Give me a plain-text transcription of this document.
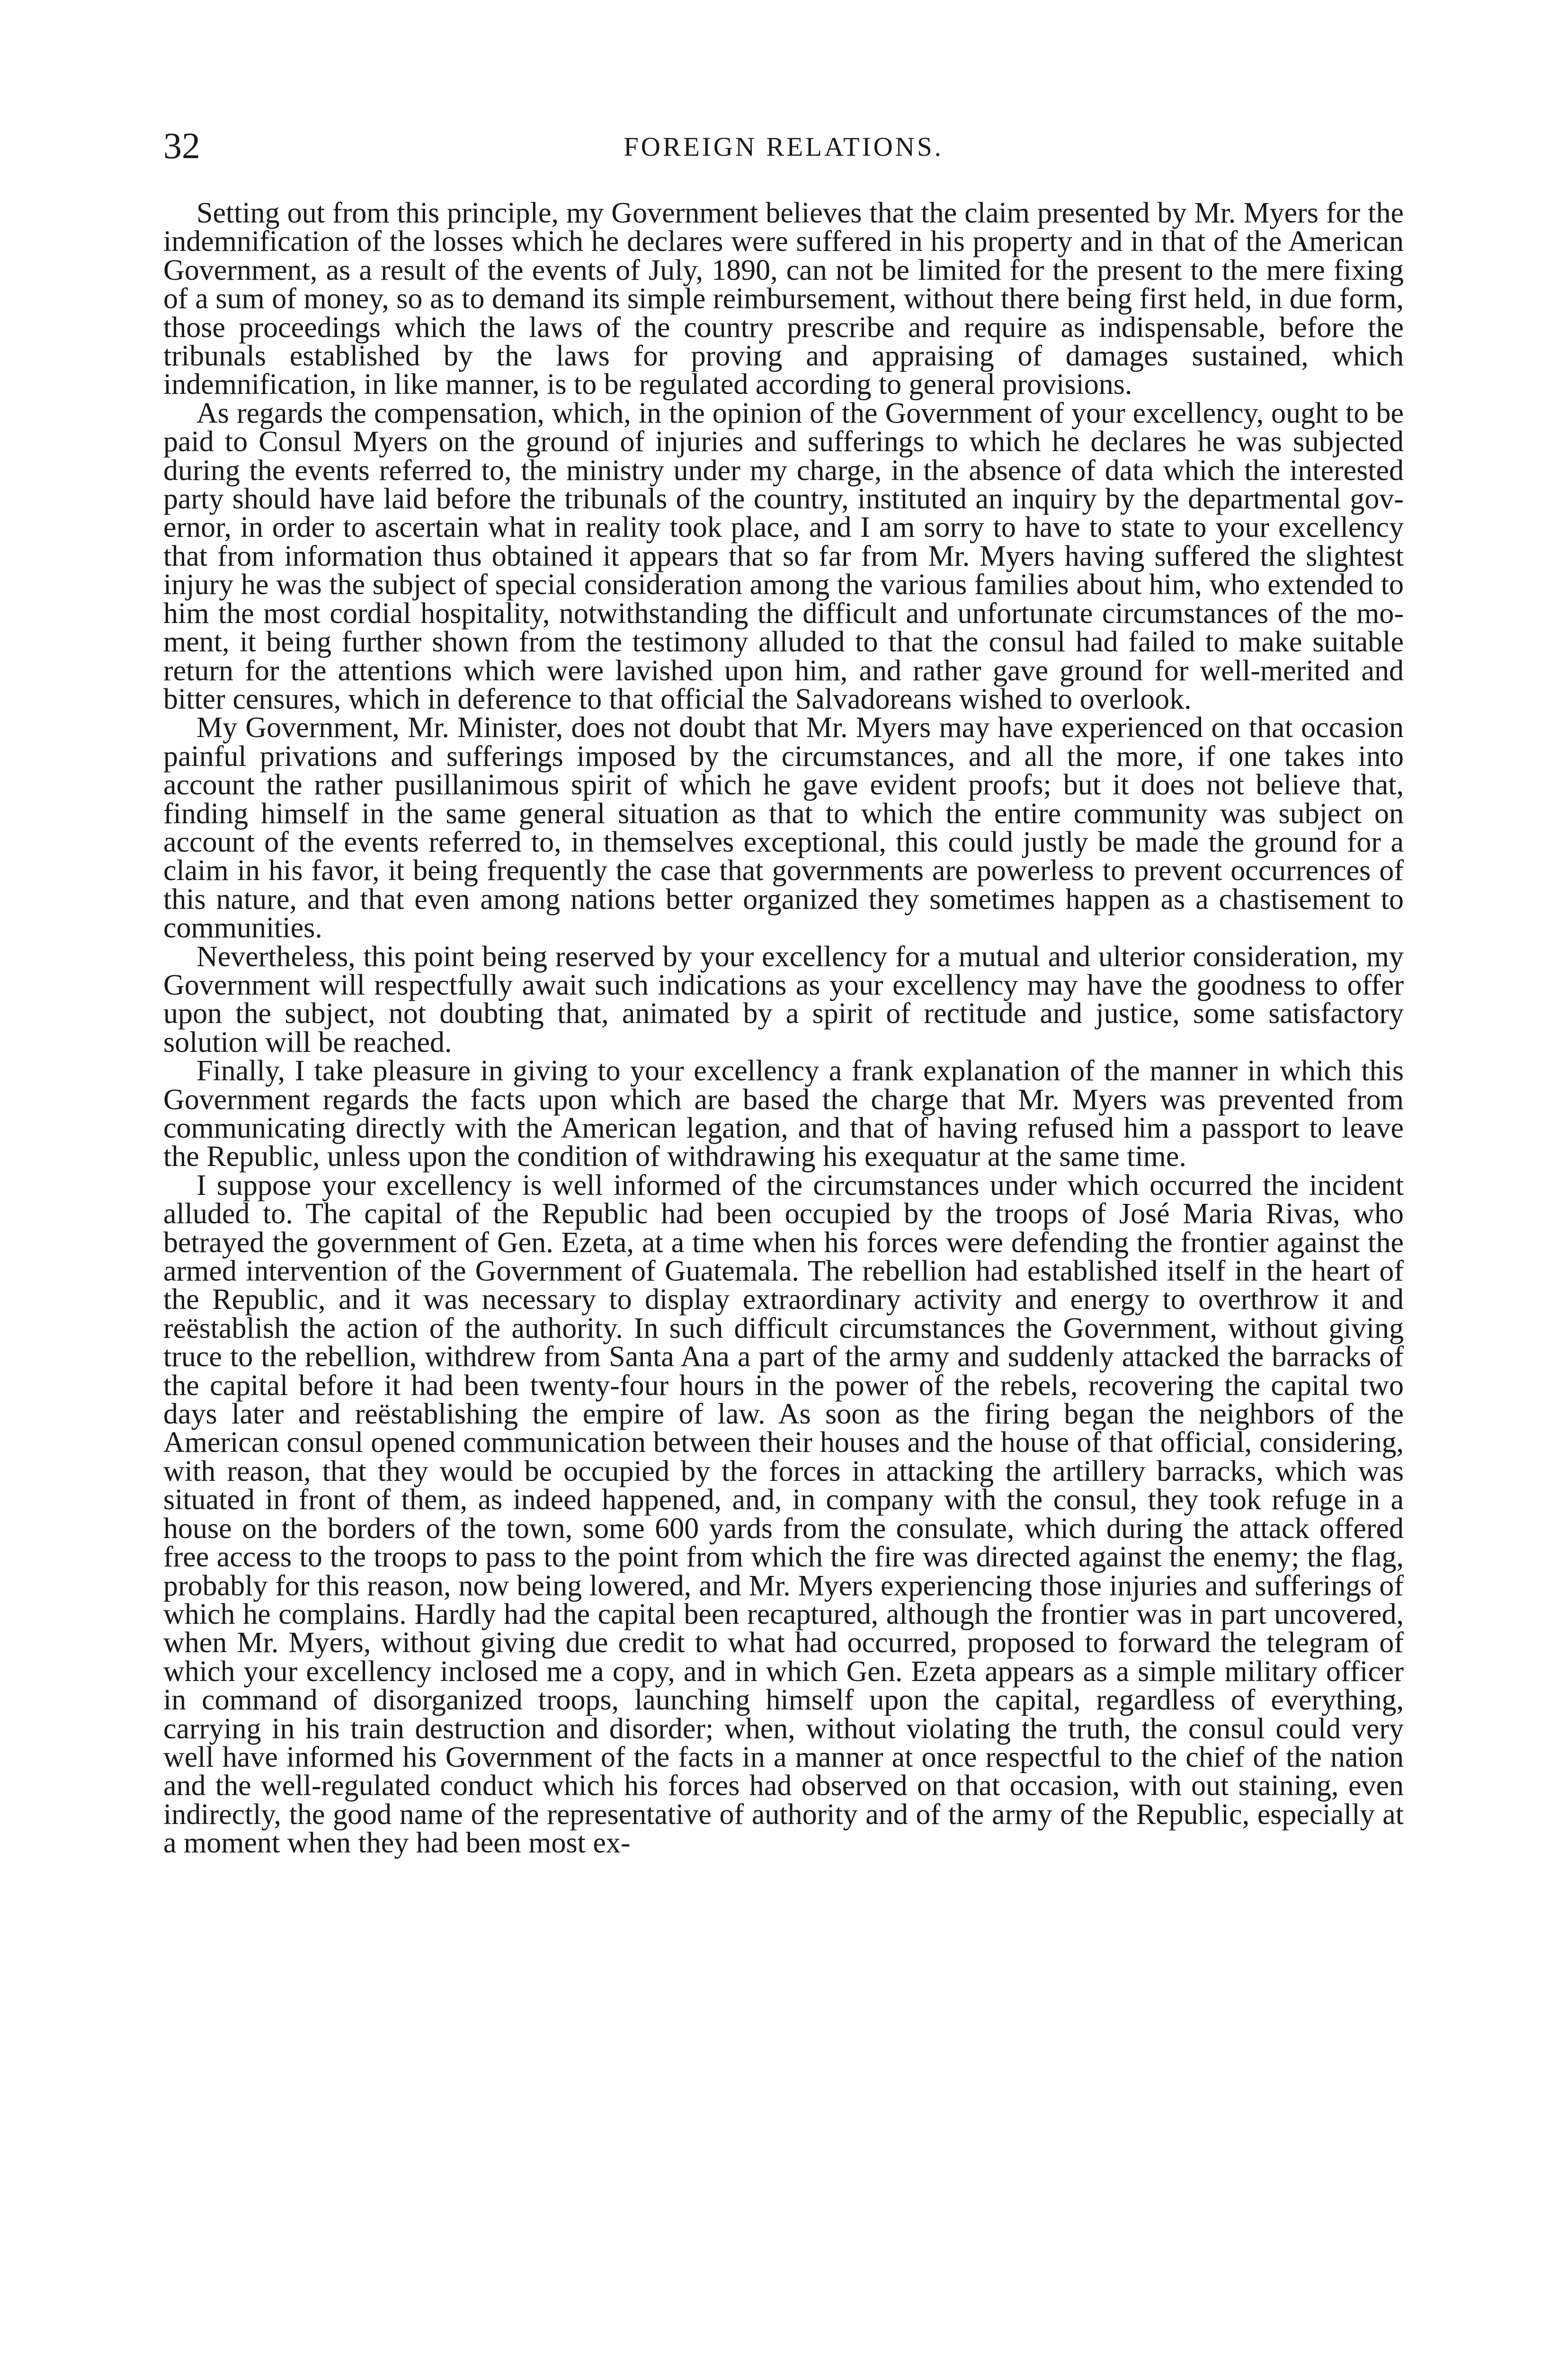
32	FOREIGN RELATIONS.

Setting out from this principle, my Government believes that the claim presented by Mr. Myers for the indemnification of the losses which he declares were suffered in his property and in that of the American Government, as a result of the events of July, 1890, can not be limited for the present to the mere fixing of a sum of money, so as to demand its simple reimbursement, without there being first held, in due form, those proceedings which the laws of the country prescribe and require as indispensable, before the tribunals established by the laws for proving and appraising of damages sustained, which indemnification, in like manner, is to be regulated according to general provisions.

As regards the compensation, which, in the opinion of the Government of your excellency, ought to be paid to Consul Myers on the ground of injuries and sufferings to which he declares he was subjected during the events referred to, the ministry under my charge, in the absence of data which the interested party should have laid before the tribunals of the country, instituted an inquiry by the departmental governor, in order to ascertain what in reality took place, and I am sorry to have to state to your excellency that from information thus obtained it appears that so far from Mr. Myers having suffered the slightest injury he was the subject of special consideration among the various families about him, who extended to him the most cordial hospitality, notwithstanding the difficult and unfortunate circumstances of the moment, it being further shown from the testimony alluded to that the consul had failed to make suitable return for the attentions which were lavished upon him, and rather gave ground for well-merited and bitter censures, which in deference to that official the Salvadoreans wished to overlook.

My Government, Mr. Minister, does not doubt that Mr. Myers may have experienced on that occasion painful privations and sufferings imposed by the circumstances, and all the more, if one takes into account the rather pusillanimous spirit of which he gave evident proofs; but it does not believe that, finding himself in the same general situation as that to which the entire community was subject on account of the events referred to, in themselves exceptional, this could justly be made the ground for a claim in his favor, it being frequently the case that governments are powerless to prevent occurrences of this nature, and that even among nations better organized they sometimes happen as a chastisement to communities.

Nevertheless, this point being reserved by your excellency for a mutual and ulterior consideration, my Government will respectfully await such indications as your excellency may have the goodness to offer upon the subject, not doubting that, animated by a spirit of rectitude and justice, some satisfactory solution will be reached.

Finally, I take pleasure in giving to your excellency a frank explanation of the manner in which this Government regards the facts upon which are based the charge that Mr. Myers was prevented from communicating directly with the American legation, and that of having refused him a passport to leave the Republic, unless upon the condition of withdrawing his exequatur at the same time.

I suppose your excellency is well informed of the circumstances under which occurred the incident alluded to. The capital of the Republic had been occupied by the troops of José Maria Rivas, who betrayed the government of Gen. Ezeta, at a time when his forces were defending the frontier against the armed intervention of the Government of Guatemala. The rebellion had established itself in the heart of the Republic, and it was necessary to display extraordinary activity and energy to overthrow it and reëstablish the action of the authority. In such difficult circumstances the Government, without giving truce to the rebellion, withdrew from Santa Ana a part of the army and suddenly attacked the barracks of the capital before it had been twenty-four hours in the power of the rebels, recovering the capital two days later and reëstablishing the empire of law. As soon as the firing began the neighbors of the American consul opened communication between their houses and the house of that official, considering, with reason, that they would be occupied by the forces in attacking the artillery barracks, which was situated in front of them, as indeed happened, and, in company with the consul, they took refuge in a house on the borders of the town, some 600 yards from the consulate, which during the attack offered free access to the troops to pass to the point from which the fire was directed against the enemy; the flag, probably for this reason, now being lowered, and Mr. Myers experiencing those injuries and sufferings of which he complains. Hardly had the capital been recaptured, although the frontier was in part uncovered, when Mr. Myers, without giving due credit to what had occurred, proposed to forward the telegram of which your excellency inclosed me a copy, and in which Gen. Ezeta appears as a simple military officer in command of disorganized troops, launching himself upon the capital, regardless of everything, carrying in his train destruction and disorder; when, without violating the truth, the consul could very well have informed his Government of the facts in a manner at once respectful to the chief of the nation and the well-regulated conduct which his forces had observed on that occasion, with out staining, even indirectly, the good name of the representative of authority and of the army of the Republic, especially at a moment when they had been most ex-
